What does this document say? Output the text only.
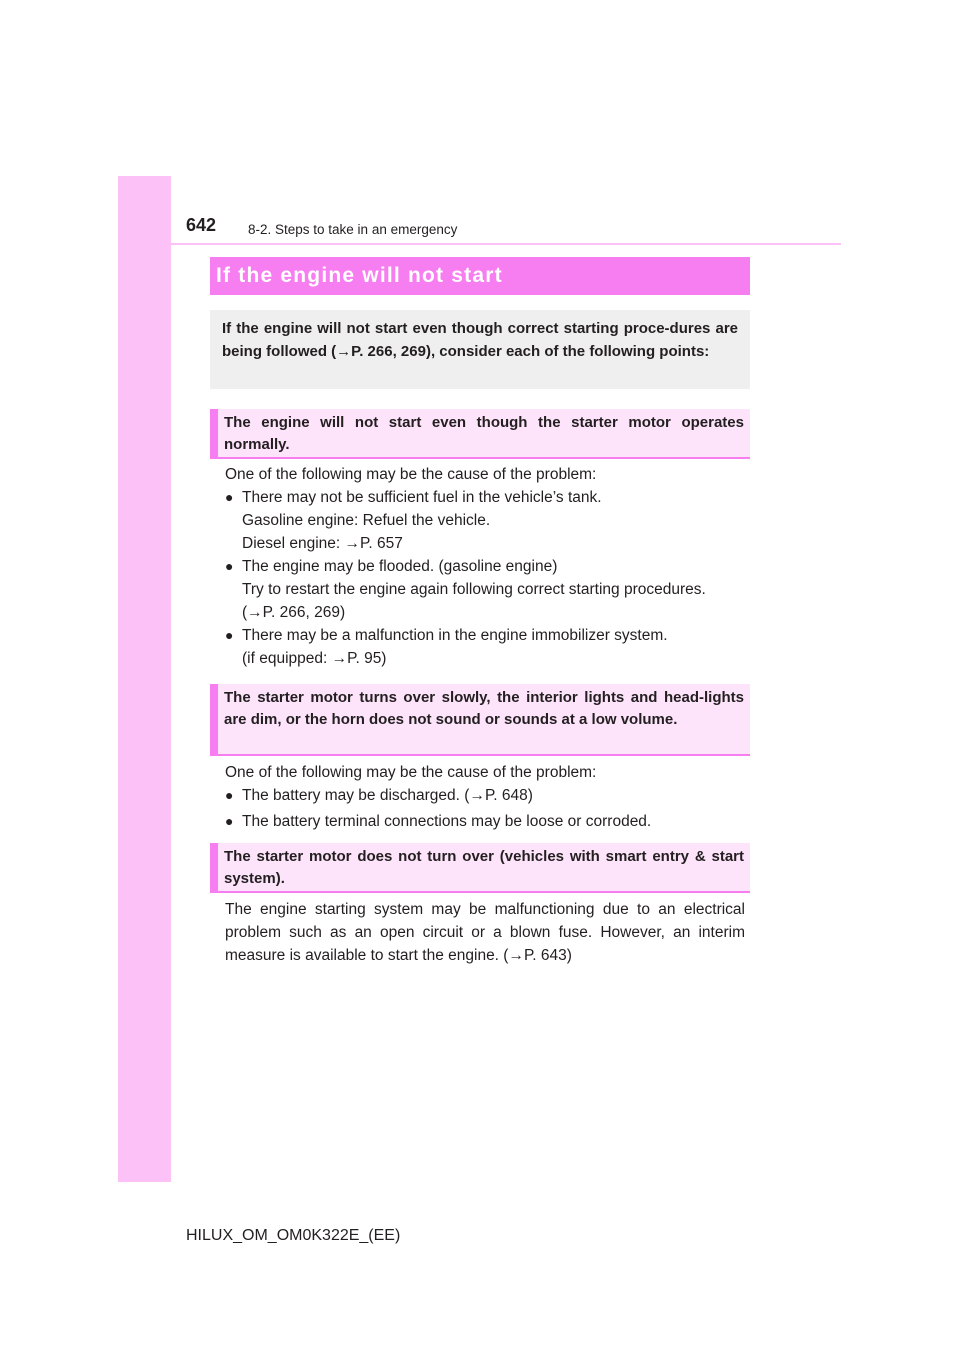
642 8-2. Steps to take in an emergency
If the engine will not start
If the engine will not start even though correct starting proce-dures are being followed (→P. 266, 269), consider each of the following points:
The engine will not start even though the starter motor operates normally.

One of the following may be the cause of the problem:

● There may not be sufficient fuel in the vehicle’s tank.

Gasoline engine: Refuel the vehicle.

Diesel engine: →P. 657

● The engine may be flooded. (gasoline engine)

Try to restart the engine again following correct starting procedures.

(→P. 266, 269)

● There may be a malfunction in the engine immobilizer system.

(if equipped: →P. 95)

The starter motor turns over slowly, the interior lights and head-lights are dim, or the horn does not sound or sounds at a low volume.

One of the following may be the cause of the problem:

● The battery may be discharged. (→P. 648)

● The battery terminal connections may be loose or corroded.

The starter motor does not turn over (vehicles with smart entry & start system).

The engine starting system may be malfunctioning due to an electrical problem such as an open circuit or a blown fuse. However, an interim measure is available to start the engine. (→P. 643)

HILUX_OM_OM0K322E_(EE)
